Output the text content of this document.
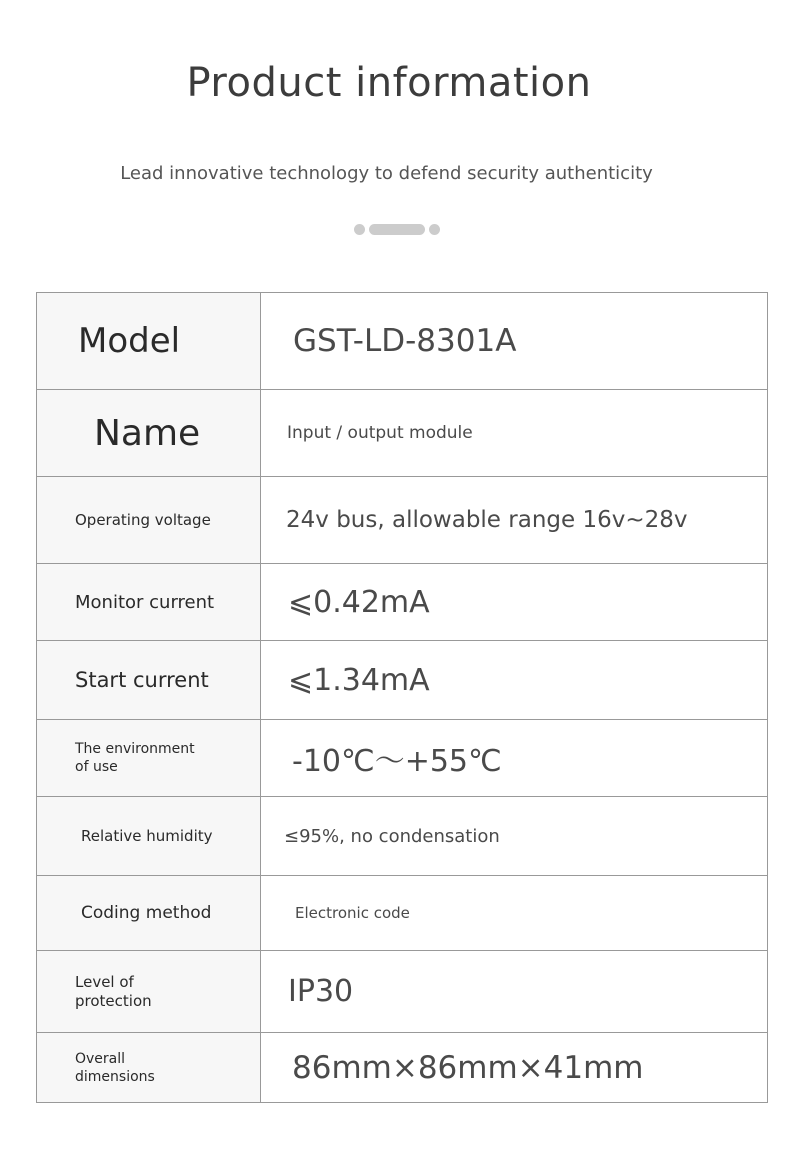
Product information
Lead innovative technology to defend security authenticity
Model	GST-LD-8301A

Name	Input / output module

Operating voltage	24v bus, allowable range 16v~28v

Monitor current	⩽0.42mA

Start current	⩽1.34mA

The environment
of use	-10℃～+55℃

Relative humidity	≤95%, no condensation

Coding method	Electronic code

Level of
protection	IP30

Overall
dimensions	86mm×86mm×41mm
